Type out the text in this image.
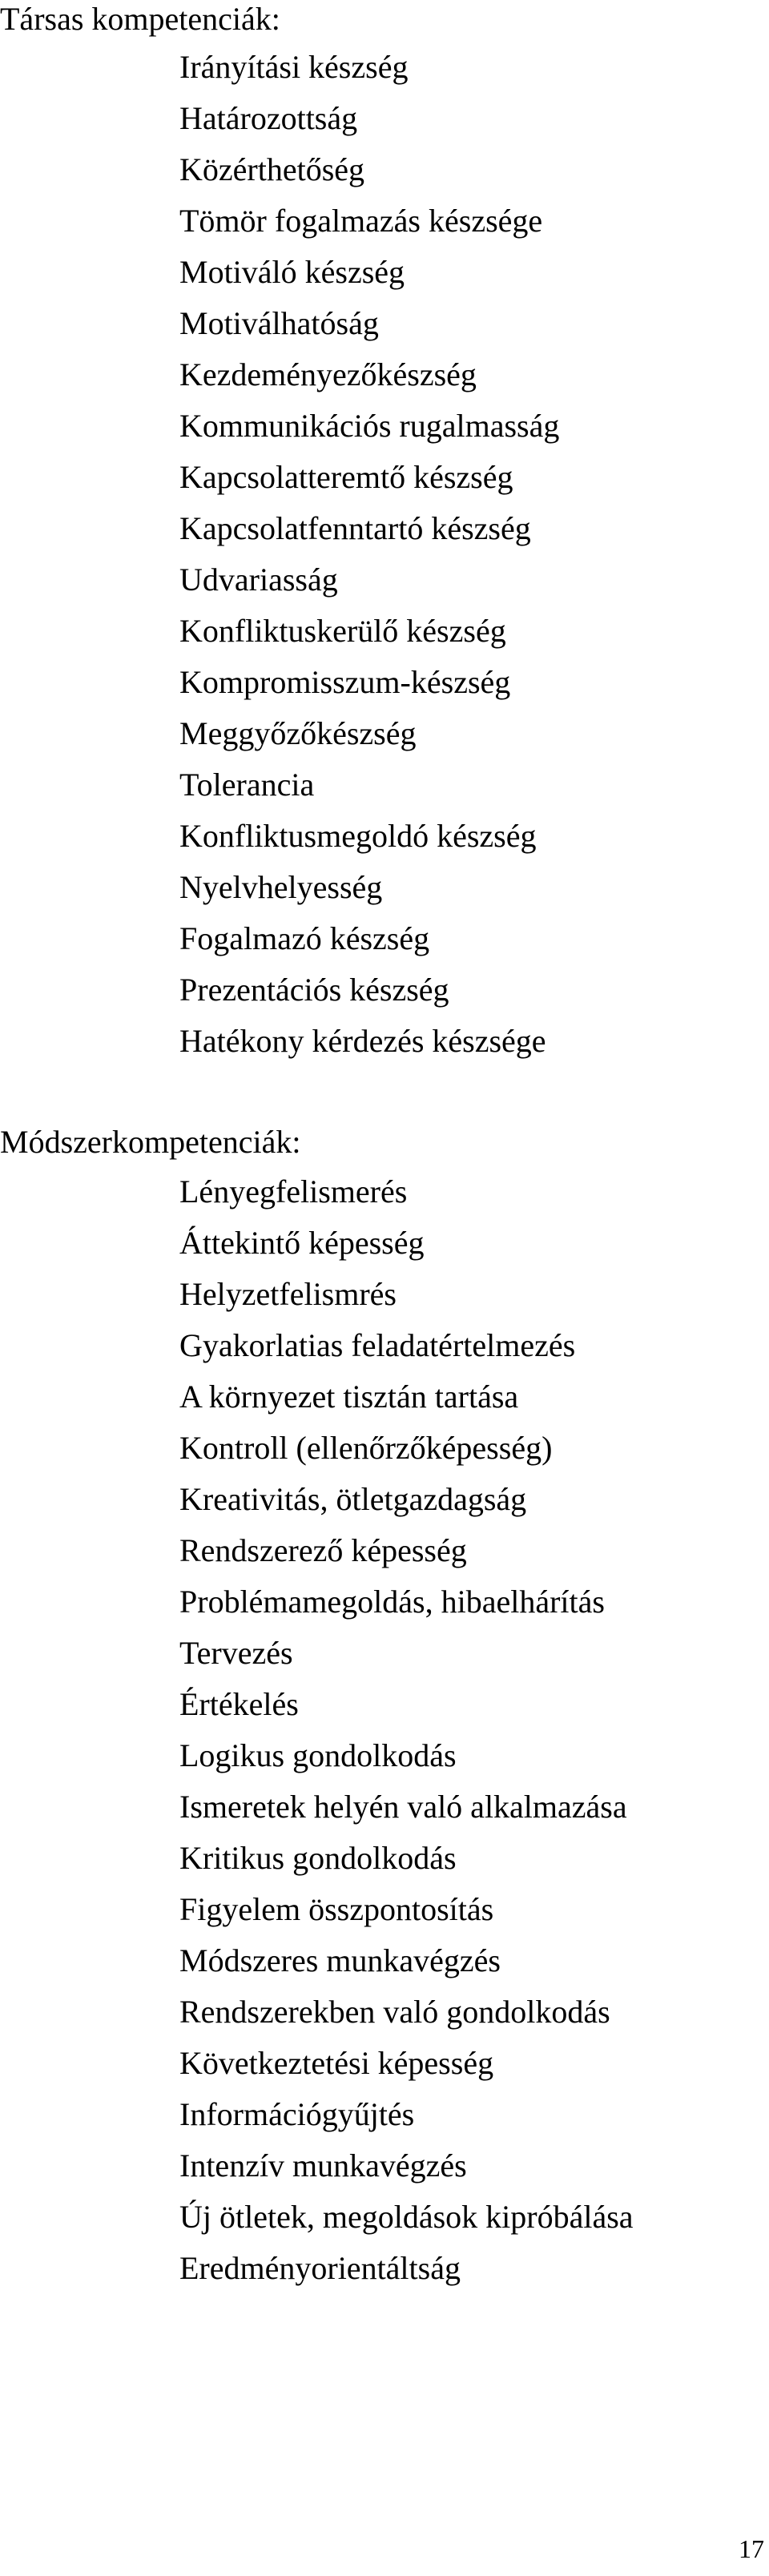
Társas kompetenciák:
Irányítási készség
Határozottság
Közérthetőség
Tömör fogalmazás készsége
Motiváló készség
Motiválhatóság
Kezdeményezőkészség
Kommunikációs rugalmasság
Kapcsolatteremtő készség
Kapcsolatfenntartó készség
Udvariasság
Konfliktuskerülő készség
Kompromisszum-készség
Meggyőzőkészség
Tolerancia
Konfliktusmegoldó készség
Nyelvhelyesség
Fogalmazó készség
Prezentációs készség
Hatékony kérdezés készsége
Módszerkompetenciák:
Lényegfelismerés
Áttekintő képesség
Helyzetfelismrés
Gyakorlatias feladatértelmezés
A környezet tisztán tartása
Kontroll (ellenőrzőképesség)
Kreativitás, ötletgazdagság
Rendszerező képesség
Problémamegoldás, hibaelhárítás
Tervezés
Értékelés
Logikus gondolkodás
Ismeretek helyén való alkalmazása
Kritikus gondolkodás
Figyelem összpontosítás
Módszeres munkavégzés
Rendszerekben való gondolkodás
Következtetési képesség
Információgyűjtés
Intenzív munkavégzés
Új ötletek, megoldások kipróbálása
Eredményorientáltság
17
